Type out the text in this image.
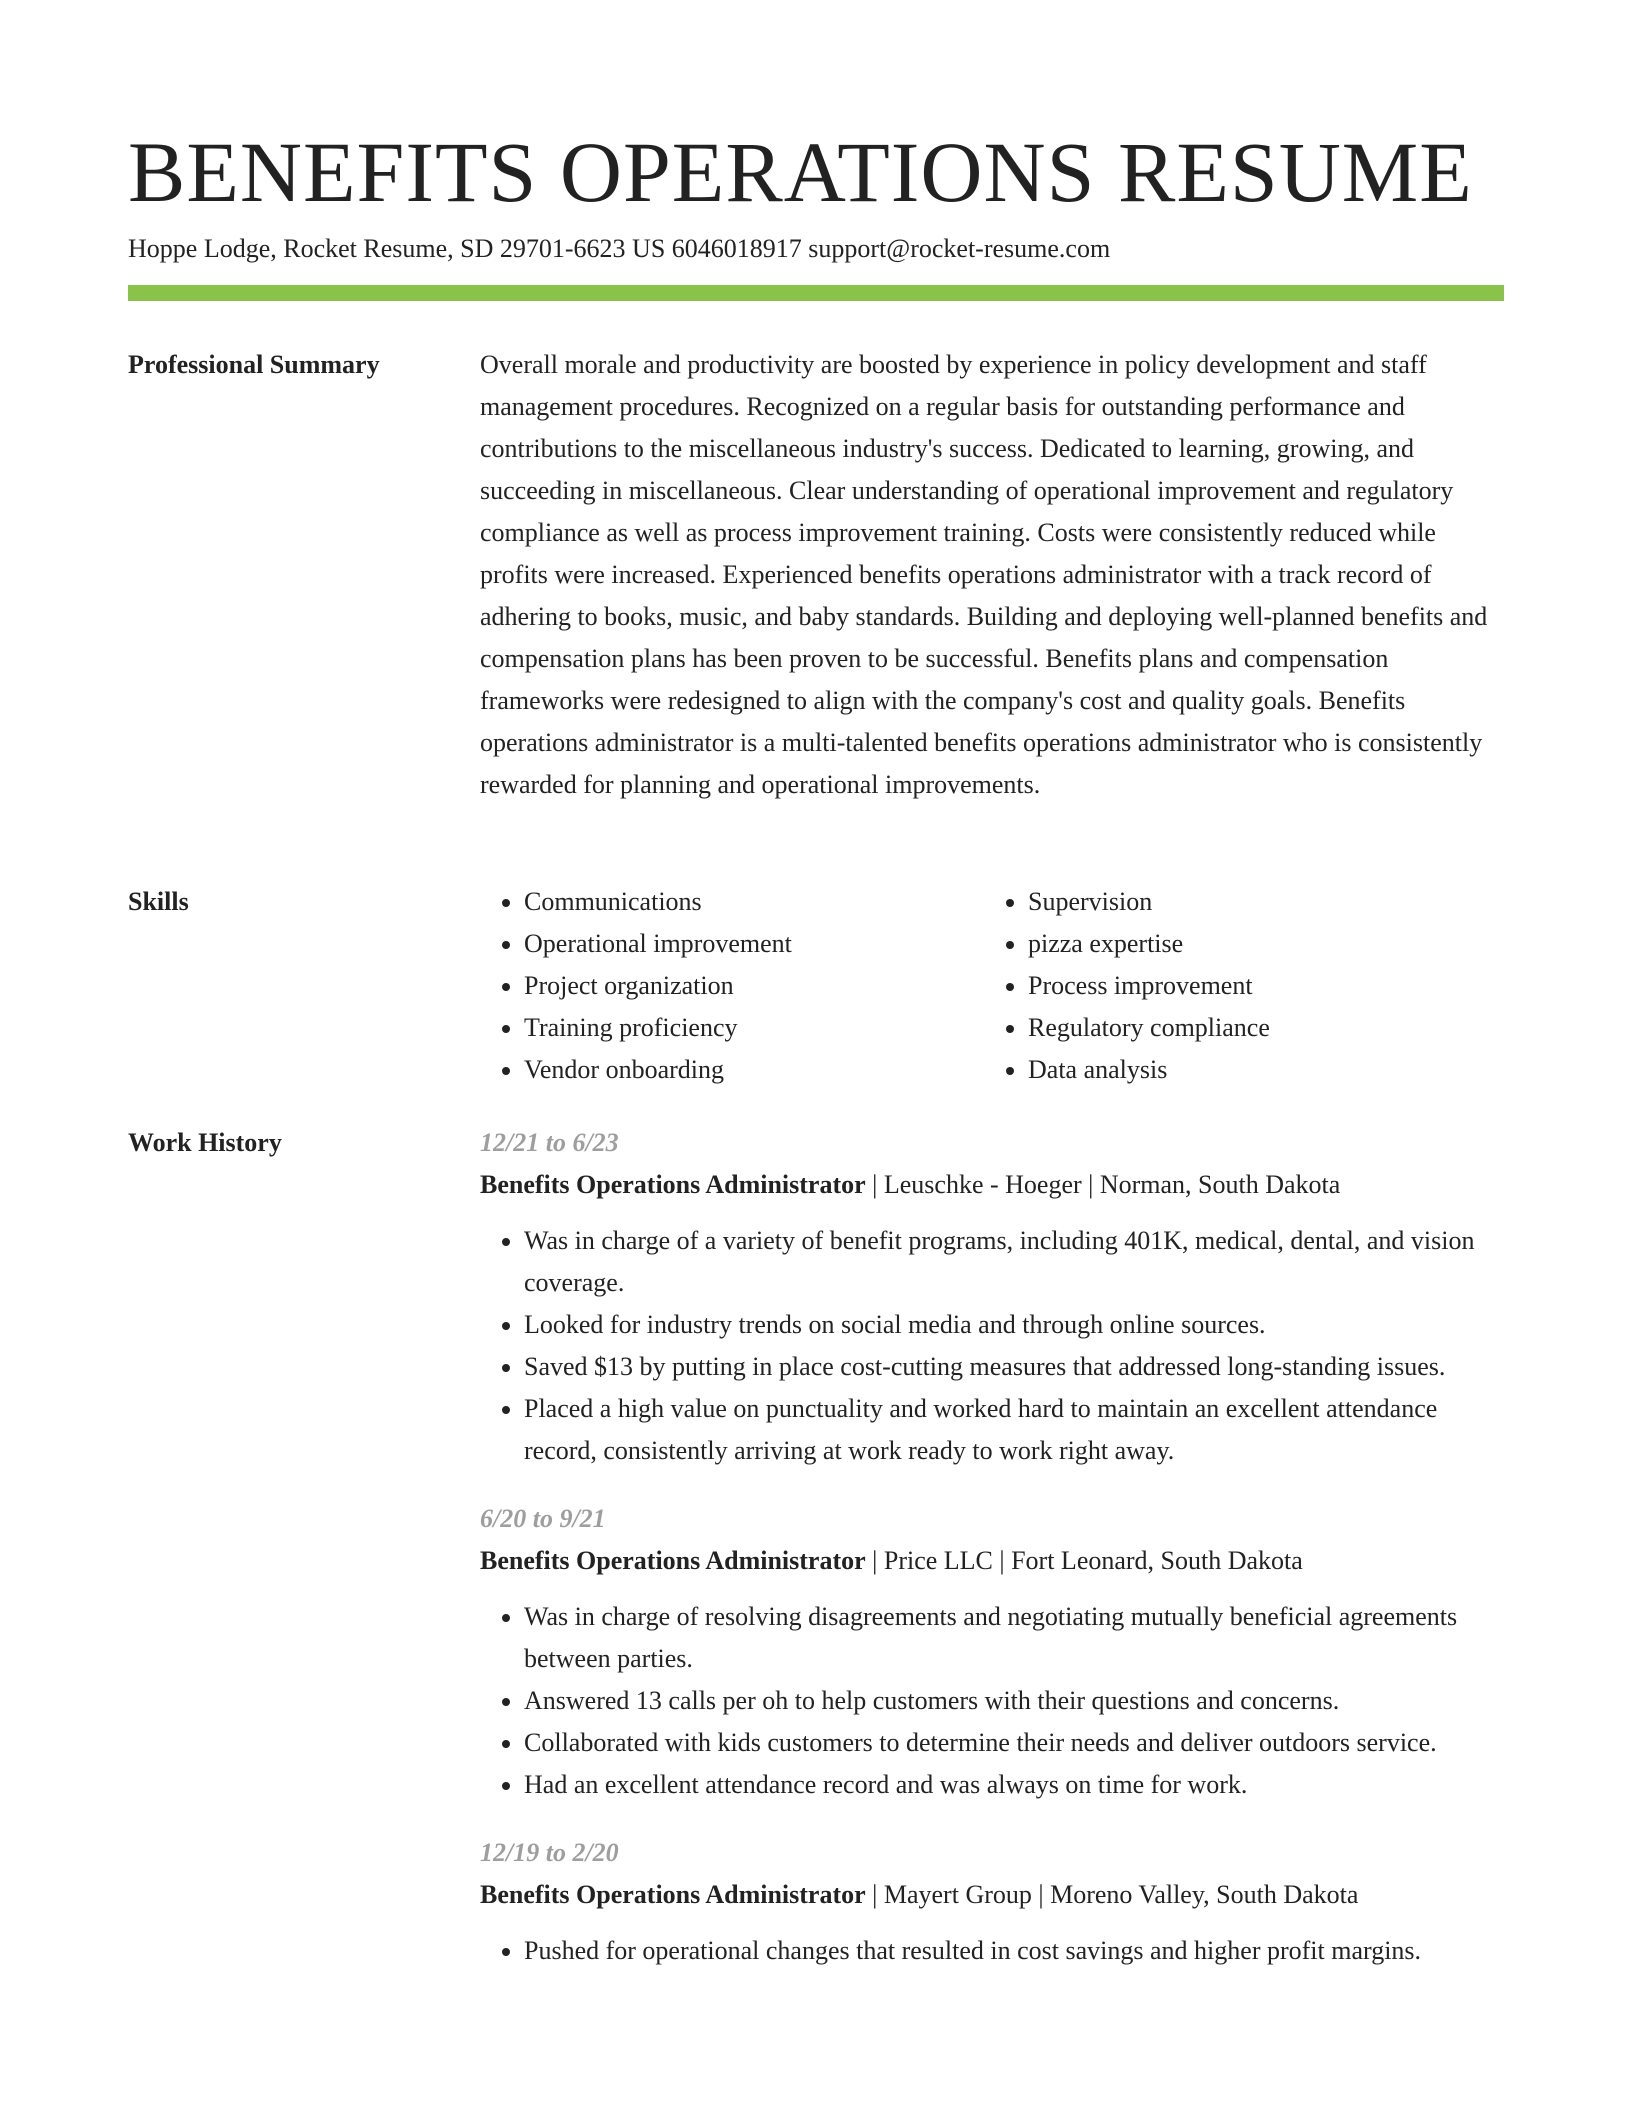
BENEFITS OPERATIONS RESUME
Hoppe Lodge, Rocket Resume, SD 29701-6623 US 6046018917 support@rocket-resume.com
Professional Summary	Overall morale and productivity are boosted by experience in policy development and staff management procedures. Recognized on a regular basis for outstanding performance and contributions to the miscellaneous industry's success. Dedicated to learning, growing, and succeeding in miscellaneous. Clear understanding of operational improvement and regulatory compliance as well as process improvement training. Costs were consistently reduced while profits were increased. Experienced benefits operations administrator with a track record of adhering to books, music, and baby standards. Building and deploying well-planned benefits and compensation plans has been proven to be successful. Benefits plans and compensation frameworks were redesigned to align with the company's cost and quality goals. Benefits operations administrator is a multi-talented benefits operations administrator who is consistently rewarded for planning and operational improvements.

Skills
•	Communications
• Operational improvement
• Project organization
• Training proficiency
• Vendor onboarding
• Supervision
• pizza expertise
• Process improvement
• Regulatory compliance
• Data analysis
Work History	12/21 to 6/23
Benefits Operations Administrator | Leuschke - Hoeger | Norman, South Dakota
• Was in charge of a variety of benefit programs, including 401K, medical, dental, and vision coverage.
• Looked for industry trends on social media and through online sources.
• Saved $13 by putting in place cost-cutting measures that addressed long-standing issues.
• Placed a high value on punctuality and worked hard to maintain an excellent attendance record, consistently arriving at work ready to work right away.
6/20 to 9/21
Benefits Operations Administrator | Price LLC | Fort Leonard, South Dakota
• Was in charge of resolving disagreements and negotiating mutually beneficial agreements between parties.
• Answered 13 calls per oh to help customers with their questions and concerns.
• Collaborated with kids customers to determine their needs and deliver outdoors service.
• Had an excellent attendance record and was always on time for work.
12/19 to 2/20
Benefits Operations Administrator | Mayert Group | Moreno Valley, South Dakota
• Pushed for operational changes that resulted in cost savings and higher profit margins.
